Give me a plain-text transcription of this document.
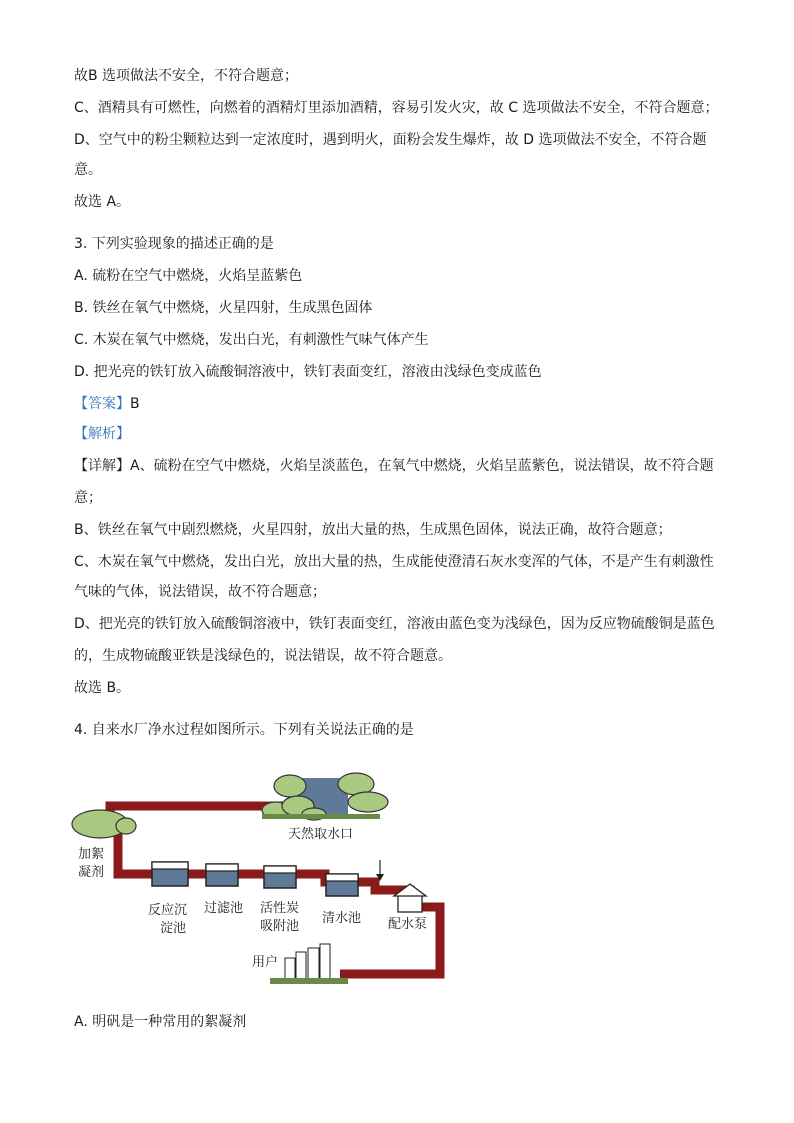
故B 选项做法不安全，不符合题意；
C、酒精具有可燃性，向燃着的酒精灯里添加酒精，容易引发火灾，故 C 选项做法不安全，不符合题意；
D、空气中的粉尘颗粒达到一定浓度时，遇到明火，面粉会发生爆炸，故 D 选项做法不安全，不符合题
意。
故选 A。
3. 下列实验现象的描述正确的是
A. 硫粉在空气中燃烧，火焰呈蓝紫色
B. 铁丝在氧气中燃烧，火星四射，生成黑色固体
C. 木炭在氧气中燃烧，发出白光，有刺激性气味气体产生
D. 把光亮的铁钉放入硫酸铜溶液中，铁钉表面变红，溶液由浅绿色变成蓝色
【答案】B
【解析】
【详解】A、硫粉在空气中燃烧，火焰呈淡蓝色，在氧气中燃烧，火焰呈蓝紫色，说法错误，故不符合题
意；
B、铁丝在氧气中剧烈燃烧，火星四射，放出大量的热，生成黑色固体，说法正确，故符合题意；
C、木炭在氧气中燃烧，发出白光，放出大量的热，生成能使澄清石灰水变浑的气体，不是产生有刺激性
气味的气体，说法错误，故不符合题意；
D、把光亮的铁钉放入硫酸铜溶液中，铁钉表面变红，溶液由蓝色变为浅绿色，因为反应物硫酸铜是蓝色
的，生成物硫酸亚铁是浅绿色的，说法错误，故不符合题意。
故选 B。
4. 自来水厂净水过程如图所示。下列有关说法正确的是
天然取水口
加絮
凝剂
反应沉
淀池
过滤池 活性炭
吸附池
清水池 配水泵
用户
A. 明矾是一种常用的絮凝剂
